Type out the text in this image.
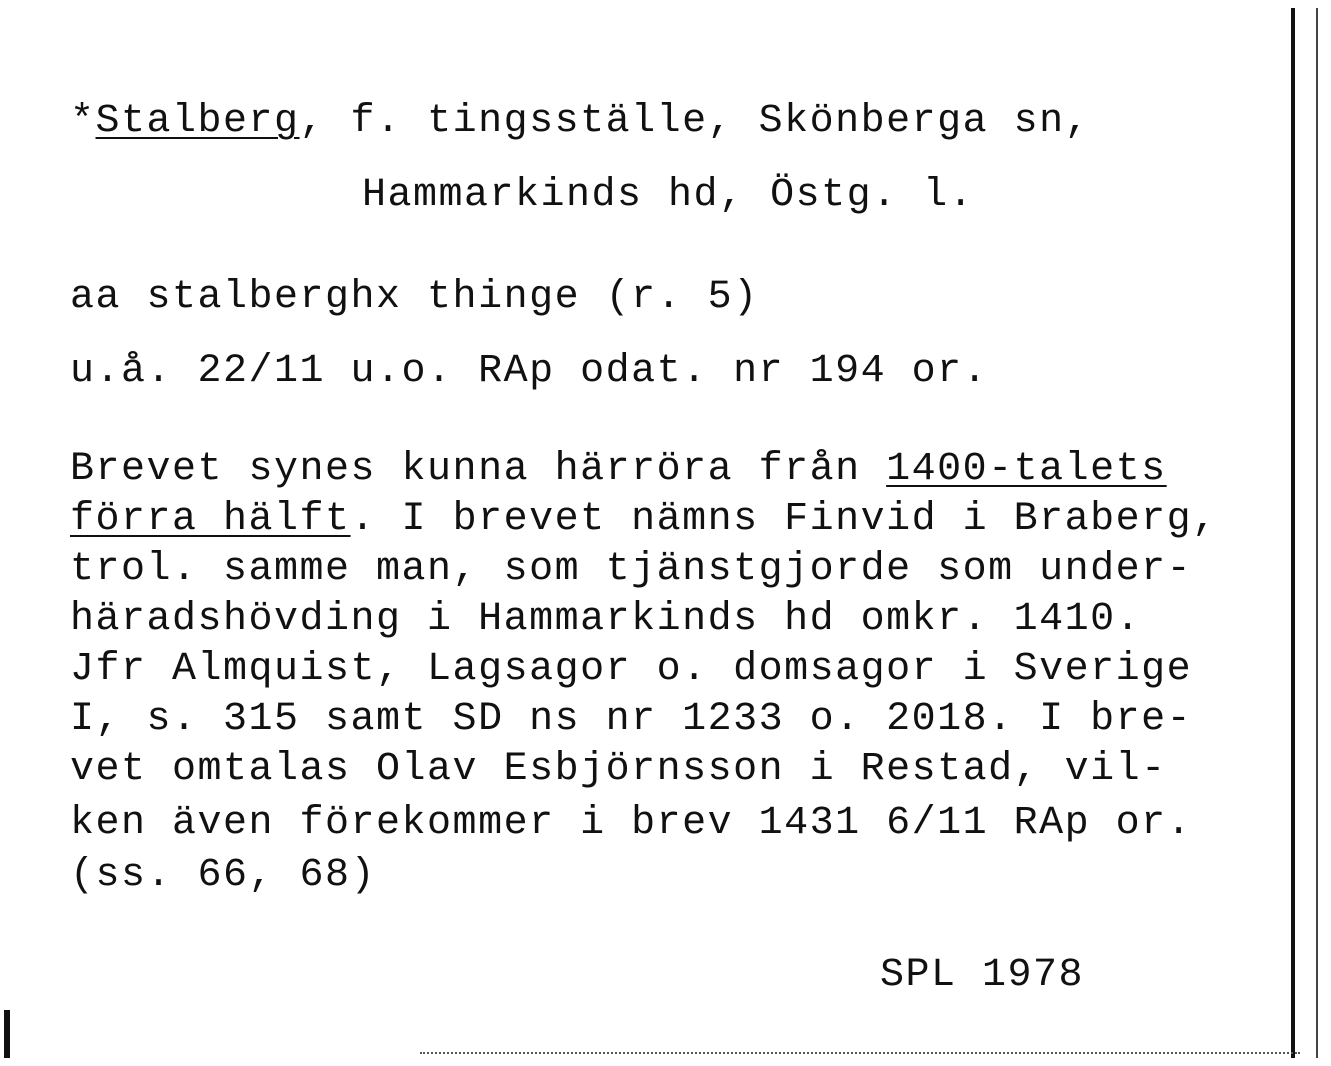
*Stalberg, f. tingsställe, Skönberga sn,

Hammarkinds hd, Östg. l.

aa stalberghx thinge (r. 5)

u.å. 22/11 u.o. RAp odat. nr 194 or.

Brevet synes kunna härröra från 1400-talets

förra hälft. I brevet nämns Finvid i Braberg,

trol. samme man, som tjänstgjorde som under-

häradshövding i Hammarkinds hd omkr. 1410.

Jfr Almquist, Lagsagor o. domsagor i Sverige

I, s. 315 samt SD ns nr 1233 o. 2018. I bre-

vet omtalas Olav Esbjörnsson i Restad, vil-

ken även förekommer i brev 1431 6/11 RAp or.

(ss. 66, 68)

SPL 1978
